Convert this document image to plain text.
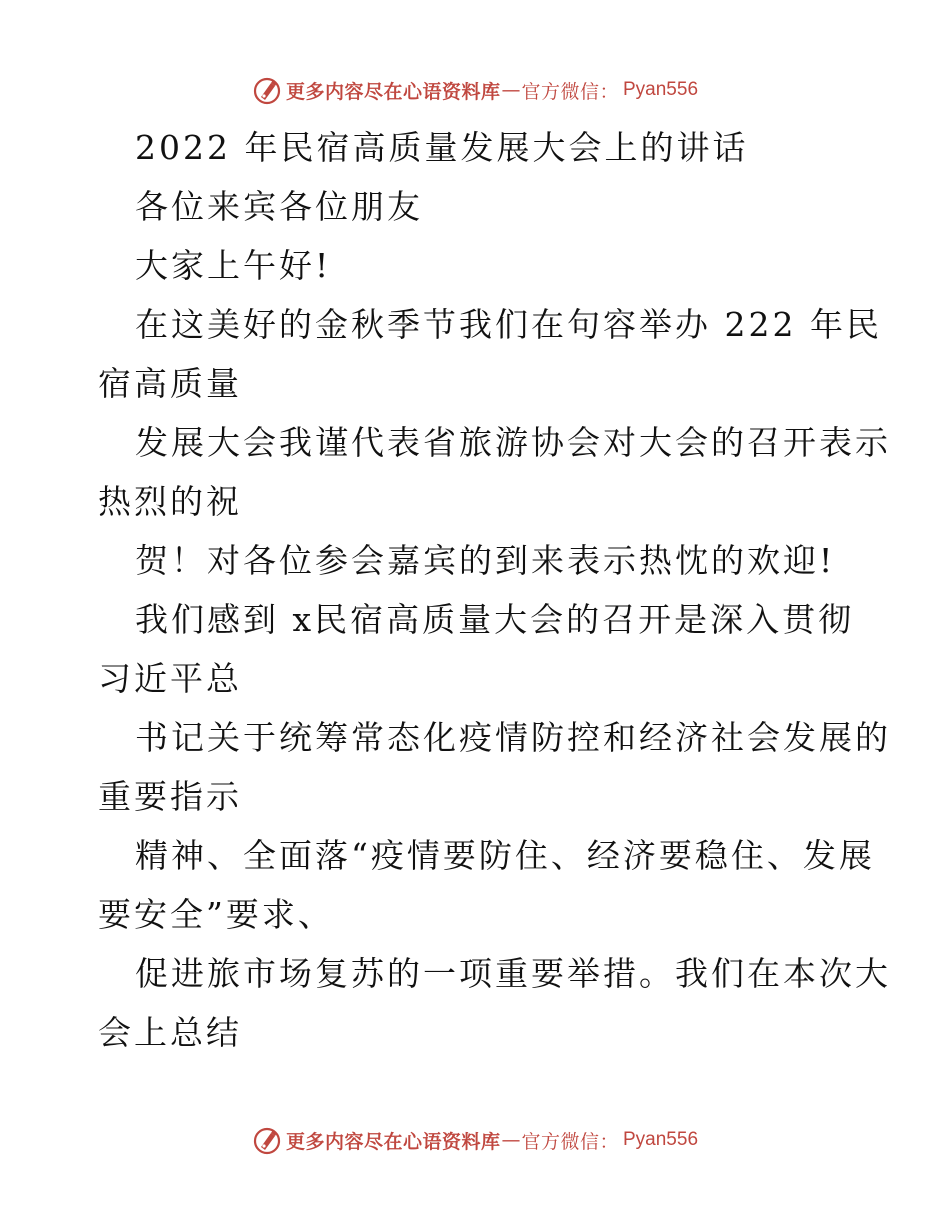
更多内容尽在心语资料库 — 官方微信： Pyan556
2022 年民宿高质量发展大会上的讲话
各位来宾各位朋友
大家上午好!
在这美好的金秋季节我们在句容举办 222 年民
宿高质量
发展大会我谨代表省旅游协会对大会的召开表示
热烈的祝
贺！对各位参会嘉宾的到来表示热忱的欢迎!
我们感到 x民宿高质量大会的召开是深入贯彻
习近平总
书记关于统筹常态化疫情防控和经济社会发展的
重要指示
精神、全面落“疫情要防住、经济要稳住、发展
要安全”要求、
促进旅市场复苏的一项重要举措。我们在本次大
会上总结
更多内容尽在心语资料库 — 官方微信： Pyan556
